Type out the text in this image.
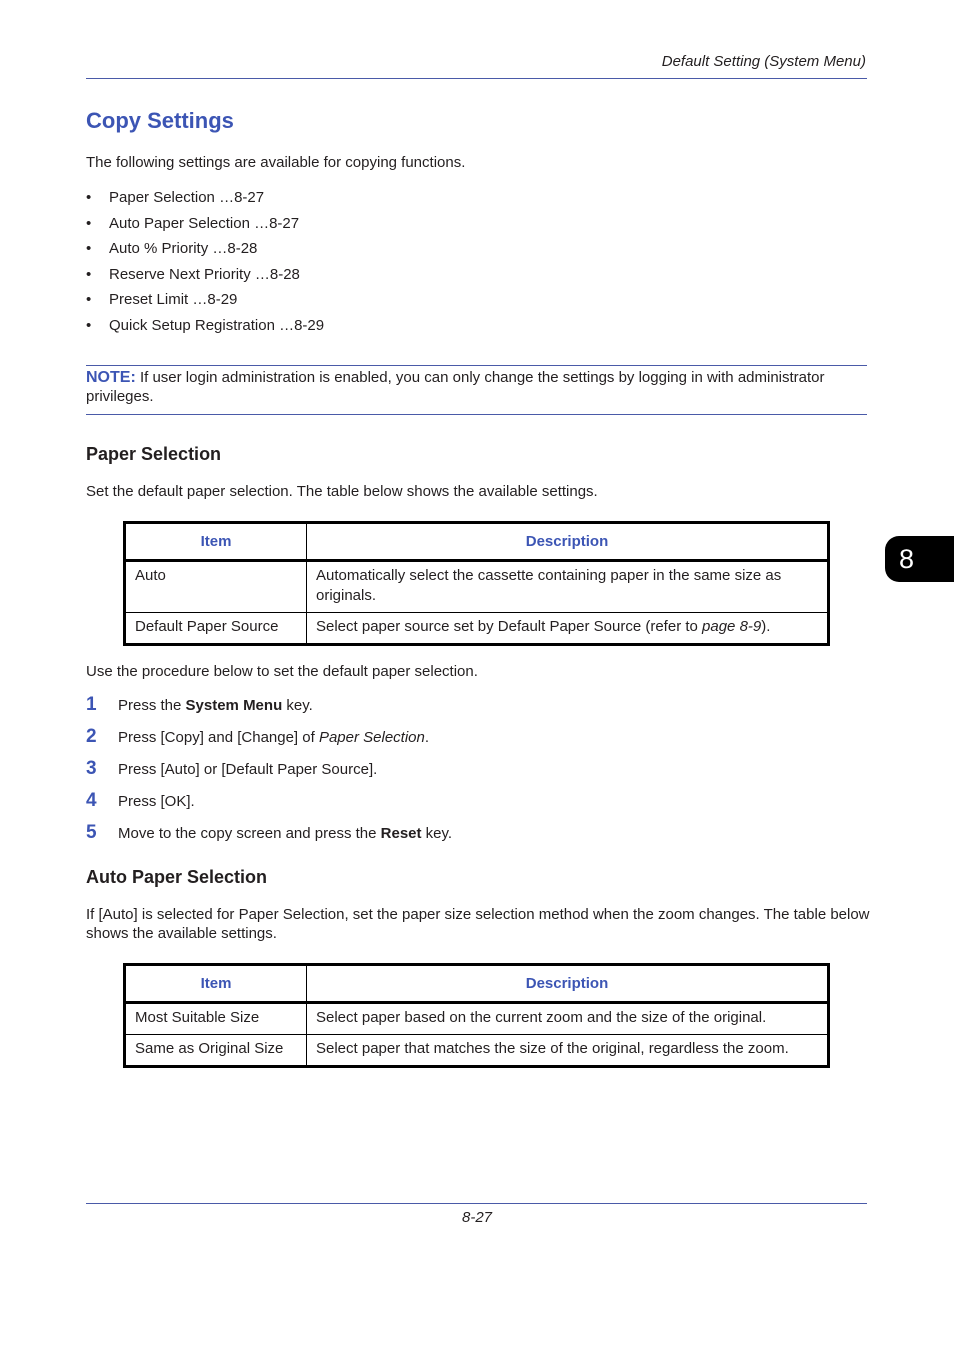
Default Setting (System Menu)
Copy Settings
The following settings are available for copying functions.
• Paper Selection …8-27
• Auto Paper Selection …8-27
• Auto % Priority …8-28
• Reserve Next Priority …8-28
• Preset Limit …8-29
• Quick Setup Registration …8-29
NOTE: If user login administration is enabled, you can only change the settings by logging in with administrator privileges.
Paper Selection
Set the default paper selection. The table below shows the available settings.
Item	Description
Auto	Automatically select the cassette containing paper in the same size as originals.
Default Paper Source	Select paper source set by Default Paper Source (refer to page 8-9).
Use the procedure below to set the default paper selection.
1 Press the System Menu key.
2 Press [Copy] and [Change] of Paper Selection.
3 Press [Auto] or [Default Paper Source].
4 Press [OK].
5 Move to the copy screen and press the Reset key.
Auto Paper Selection
If [Auto] is selected for Paper Selection, set the paper size selection method when the zoom changes. The table below shows the available settings.
Item	Description
Most Suitable Size	Select paper based on the current zoom and the size of the original.
Same as Original Size	Select paper that matches the size of the original, regardless the zoom.
8
8-27
